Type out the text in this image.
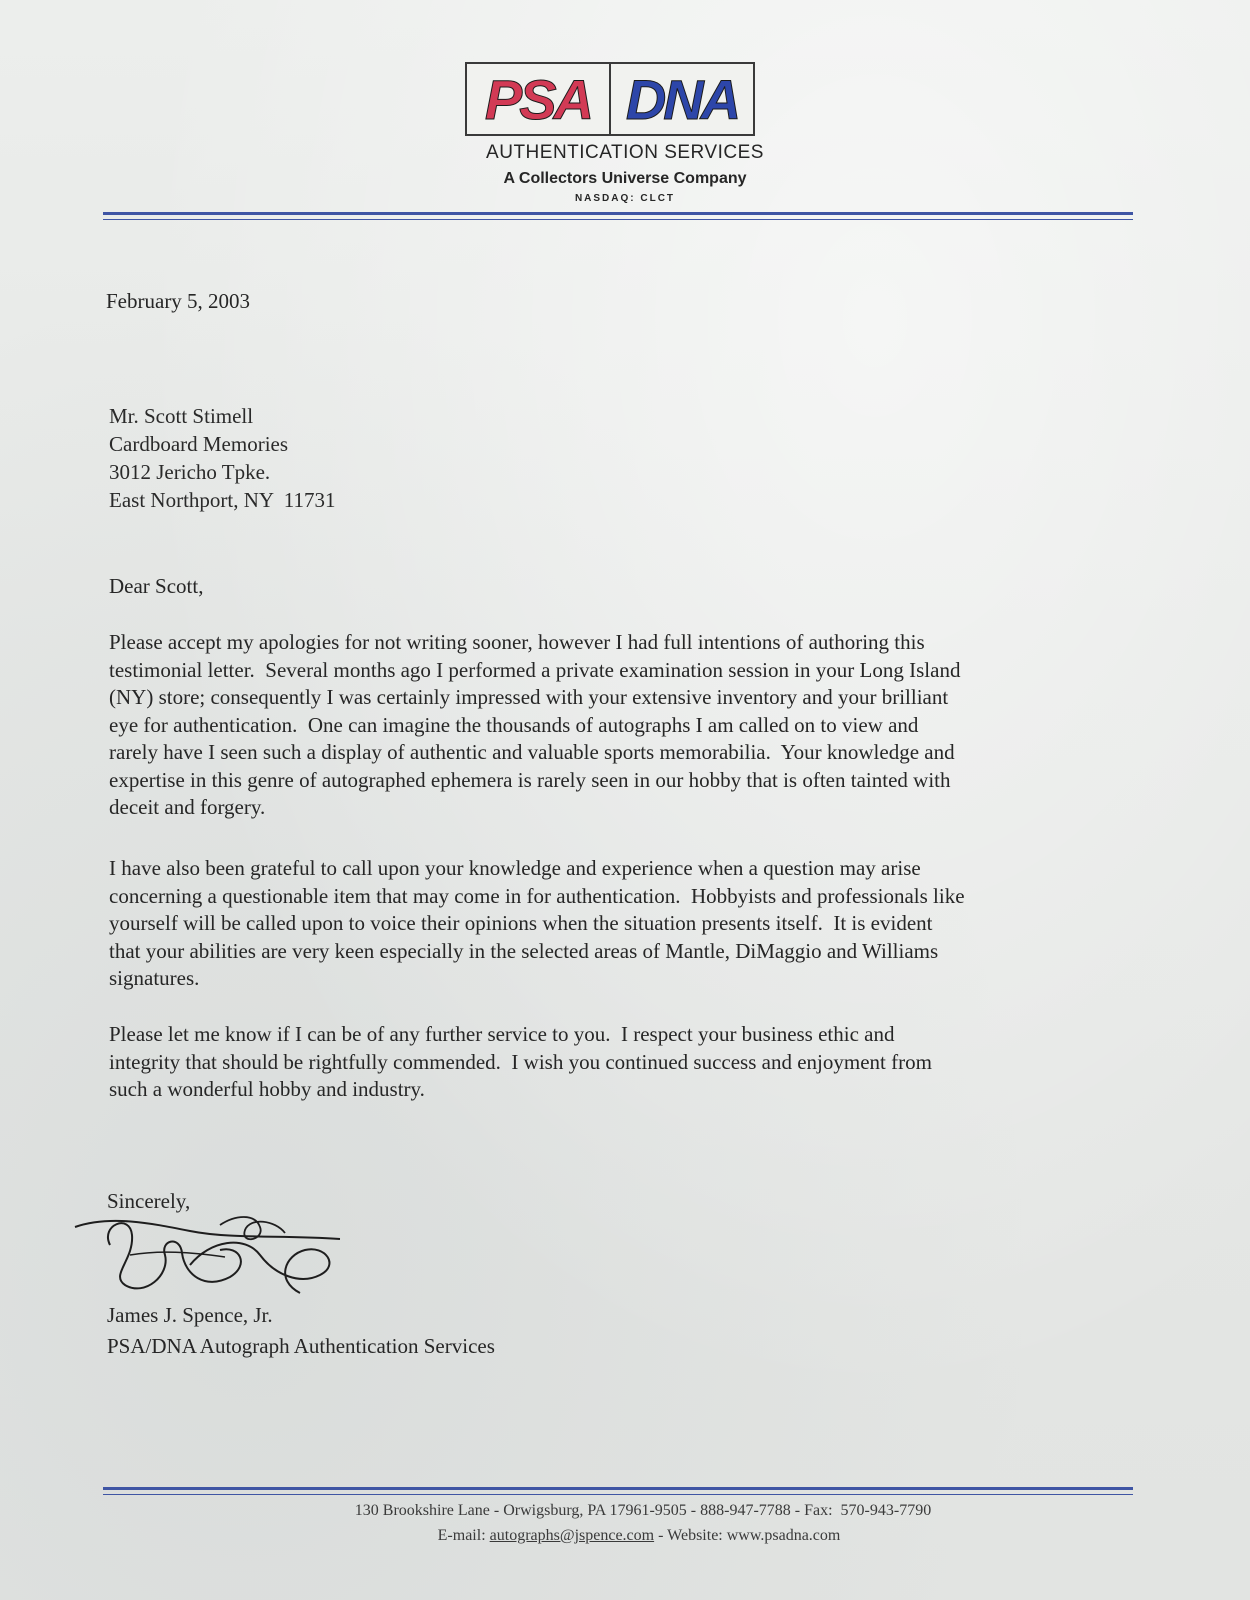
PSA DNA
AUTHENTICATION SERVICES
A Collectors Universe Company
NASDAQ: CLCT
February 5, 2003
Mr. Scott Stimell
Cardboard Memories
3012 Jericho Tpke.
East Northport, NY  11731
Dear Scott,
Please accept my apologies for not writing sooner, however I had full intentions of authoring this
testimonial letter.  Several months ago I performed a private examination session in your Long Island
(NY) store; consequently I was certainly impressed with your extensive inventory and your brilliant
eye for authentication.  One can imagine the thousands of autographs I am called on to view and
rarely have I seen such a display of authentic and valuable sports memorabilia.  Your knowledge and
expertise in this genre of autographed ephemera is rarely seen in our hobby that is often tainted with
deceit and forgery.
I have also been grateful to call upon your knowledge and experience when a question may arise
concerning a questionable item that may come in for authentication.  Hobbyists and professionals like
yourself will be called upon to voice their opinions when the situation presents itself.  It is evident
that your abilities are very keen especially in the selected areas of Mantle, DiMaggio and Williams
signatures.
Please let me know if I can be of any further service to you.  I respect your business ethic and
integrity that should be rightfully commended.  I wish you continued success and enjoyment from
such a wonderful hobby and industry.
Sincerely,
James J. Spence, Jr.
PSA/DNA Autograph Authentication Services
130 Brookshire Lane - Orwigsburg, PA 17961-9505 - 888-947-7788 - Fax:  570-943-7790
E-mail: autographs@jspence.com - Website: www.psadna.com
